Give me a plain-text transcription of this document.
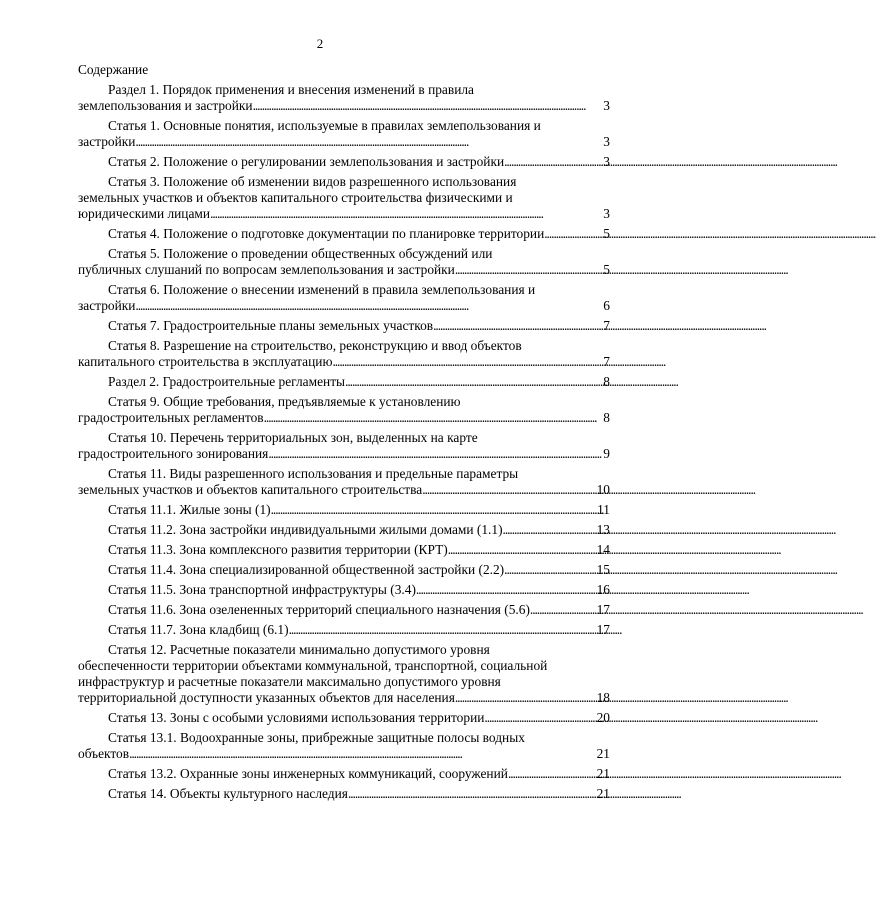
2
Содержание
Раздел 1. Порядок применения и внесения изменений в правила
землепользования и застройки . . .	3
Статья 1. Основные понятия, используемые в правилах землепользования и
застройки . . .	3
Статья 2. Положение о регулировании землепользования и застройки . . .	3
Статья 3. Положение об изменении видов разрешенного использования
земельных участков и объектов капитального строительства физическими и
юридическими лицами . . .	3
Статья 4. Положение о подготовке документации по планировке территории . . .	5
Статья 5. Положение о проведении общественных обсуждений или
публичных слушаний по вопросам землепользования и застройки . . .	5
Статья 6. Положение о внесении изменений в правила землепользования и
застройки . . .	6
Статья 7. Градостроительные планы земельных участков . . .	7
Статья 8. Разрешение на строительство, реконструкцию и ввод объектов
капитального строительства в эксплуатацию . . .	7
Раздел 2. Градостроительные регламенты . . .	8
Статья 9. Общие требования, предъявляемые к установлению
градостроительных регламентов . . .	8
Статья 10. Перечень территориальных зон, выделенных на карте
градостроительного зонирования . . .	9
Статья 11. Виды разрешенного использования и предельные параметры
земельных участков и объектов капитального строительства . . .	10
Статья 11.1. Жилые зоны (1) . . .	11
Статья 11.2. Зона застройки индивидуальными жилыми домами (1.1) . . .	13
Статья 11.3. Зона комплексного развития территории (КРТ) . . .	14
Статья 11.4. Зона специализированной общественной застройки (2.2) . . .	15
Статья 11.5. Зона транспортной инфраструктуры (3.4) . . .	16
Статья 11.6. Зона озелененных территорий специального назначения (5.6) . . .	17
Статья 11.7. Зона кладбищ (6.1) . . .	17
Статья 12. Расчетные показатели минимально допустимого уровня
обеспеченности территории объектами коммунальной, транспортной, социальной
инфраструктур и расчетные показатели максимально допустимого уровня
территориальной доступности указанных объектов для населения . . .	18
Статья 13. Зоны с особыми условиями использования территории . . .	20
Статья 13.1. Водоохранные зоны, прибрежные защитные полосы водных
объектов . . .	21
Статья 13.2. Охранные зоны инженерных коммуникаций, сооружений . . .	21
Статья 14. Объекты культурного наследия . . .	21
